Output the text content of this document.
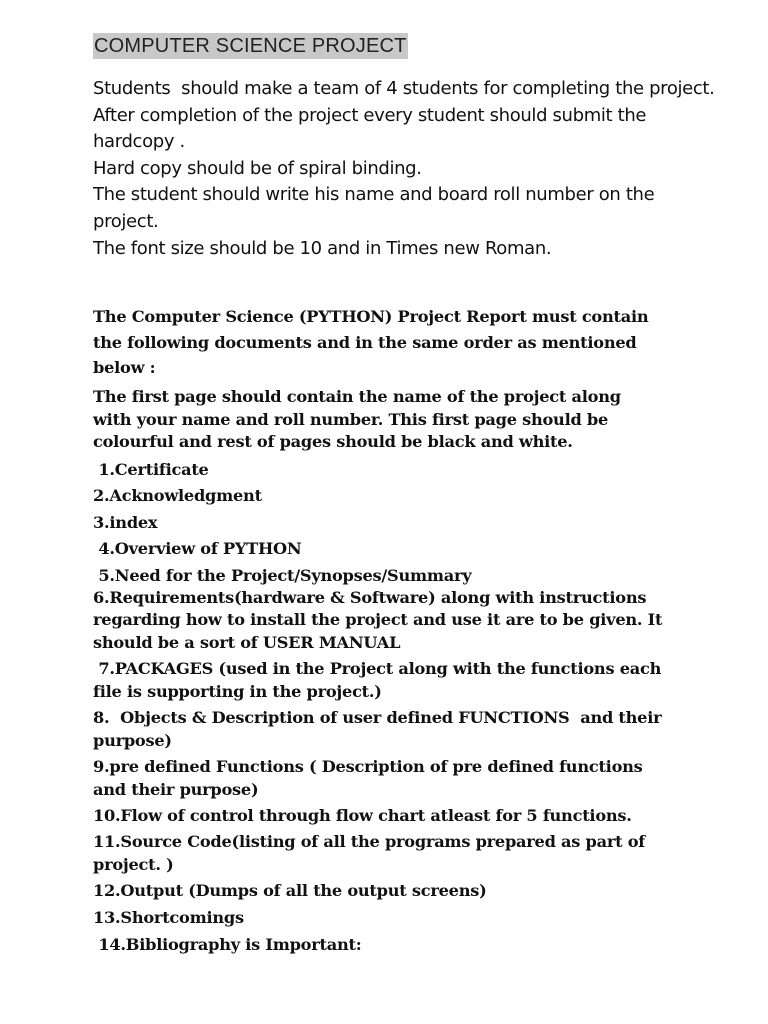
COMPUTER SCIENCE PROJECT

Students  should make a team of 4 students for completing the project.

After completion of the project every student should submit the hardcopy .

Hard copy should be of spiral binding.

The student should write his name and board roll number on the project.

The font size should be 10 and in Times new Roman.

The Computer Science (PYTHON) Project Report must contain the following documents and in the same order as mentioned below :

The first page should contain the name of the project along with your name and roll number. This first page should be colourful and rest of pages should be black and white.

1.Certificate

2.Acknowledgment

3.index

4.Overview of PYTHON

5.Need for the Project/Synopses/Summary

6.Requirements(hardware & Software) along with instructions regarding how to install the project and use it are to be given. It should be a sort of USER MANUAL

7.PACKAGES (used in the Project along with the functions each file is supporting in the project.)

8.  Objects & Description of user defined FUNCTIONS  and their purpose)

9.pre defined Functions ( Description of pre defined functions and their purpose)

10.Flow of control through flow chart atleast for 5 functions.

11.Source Code(listing of all the programs prepared as part of project. )

12.Output (Dumps of all the output screens)

13.Shortcomings

14.Bibliography is Important:
